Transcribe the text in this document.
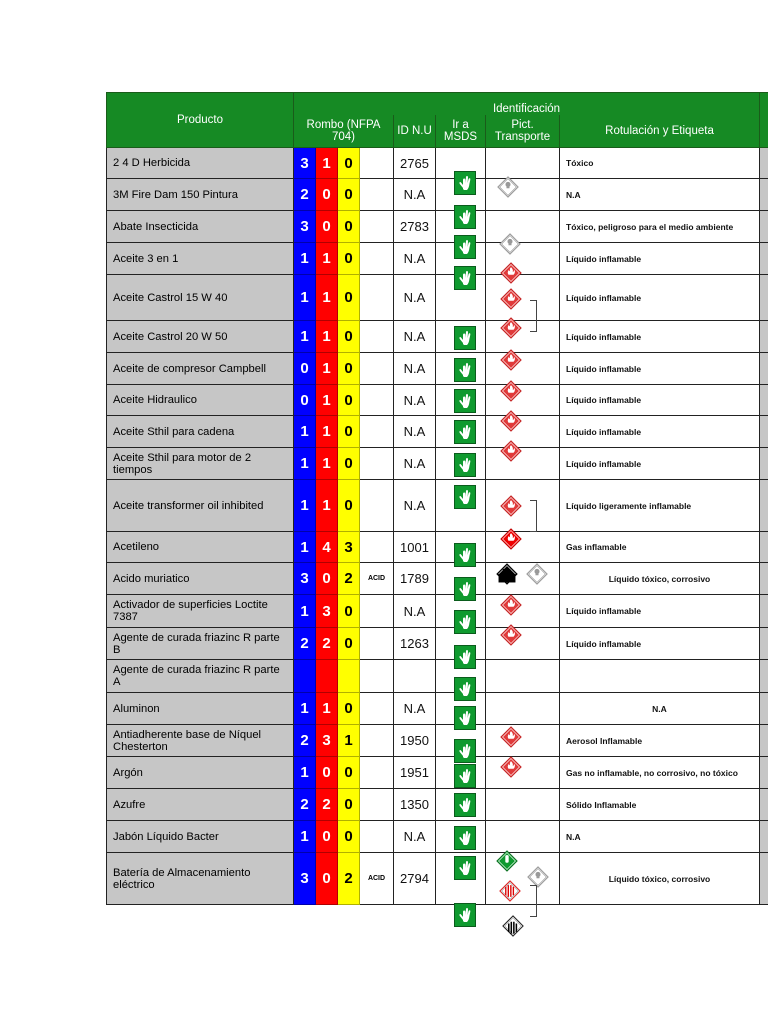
Producto	Identificación								
	Rombo (NFPA 704)				ID N.U	Ir a MSDS	Pict. Transporte	Rotulación y Etiqueta	
2 4 D Herbicida	3	1	0		2765			Tóxico	
3M Fire Dam 150 Pintura	2	0	0		N.A			N.A	
Abate Insecticida	3	0	0		2783			Tóxico, peligroso para el medio ambiente	
Aceite 3 en 1	1	1	0		N.A			Líquido inflamable	
Aceite Castrol 15 W 40	1	1	0		N.A			Líquido inflamable	
Aceite Castrol 20 W 50	1	1	0		N.A			Líquido inflamable	
Aceite de compresor Campbell	0	1	0		N.A			Líquido inflamable	
Aceite Hidraulico	0	1	0		N.A			Líquido inflamable	
Aceite Sthil para cadena	1	1	0		N.A			Líquido inflamable	
Aceite Sthil para motor de 2 tiempos	1	1	0		N.A			Líquido inflamable	
Aceite transformer oil inhibited	1	1	0		N.A			Líquido ligeramente inflamable	
Acetileno	1	4	3		1001			Gas inflamable	
Acido muriatico	3	0	2	ACID	1789			Líquido tóxico, corrosivo	
Activador de superficies Loctite 7387	1	3	0		N.A			Líquido inflamable	
Agente de curada friazinc R parte B	2	2	0		1263			Líquido inflamable	
Agente de curada friazinc R parte A									
Aluminon	1	1	0		N.A			N.A	
Antiadherente base de Níquel Chesterton	2	3	1		1950			Aerosol Inflamable	
Argón	1	0	0		1951			Gas no inflamable, no corrosivo, no tóxico	
Azufre	2	2	0		1350			Sólido Inflamable	
Jabón Líquido Bacter	1	0	0		N.A			N.A	
Batería de Almacenamiento eléctrico	3	0	2	ACID	2794			Líquido tóxico, corrosivo	
